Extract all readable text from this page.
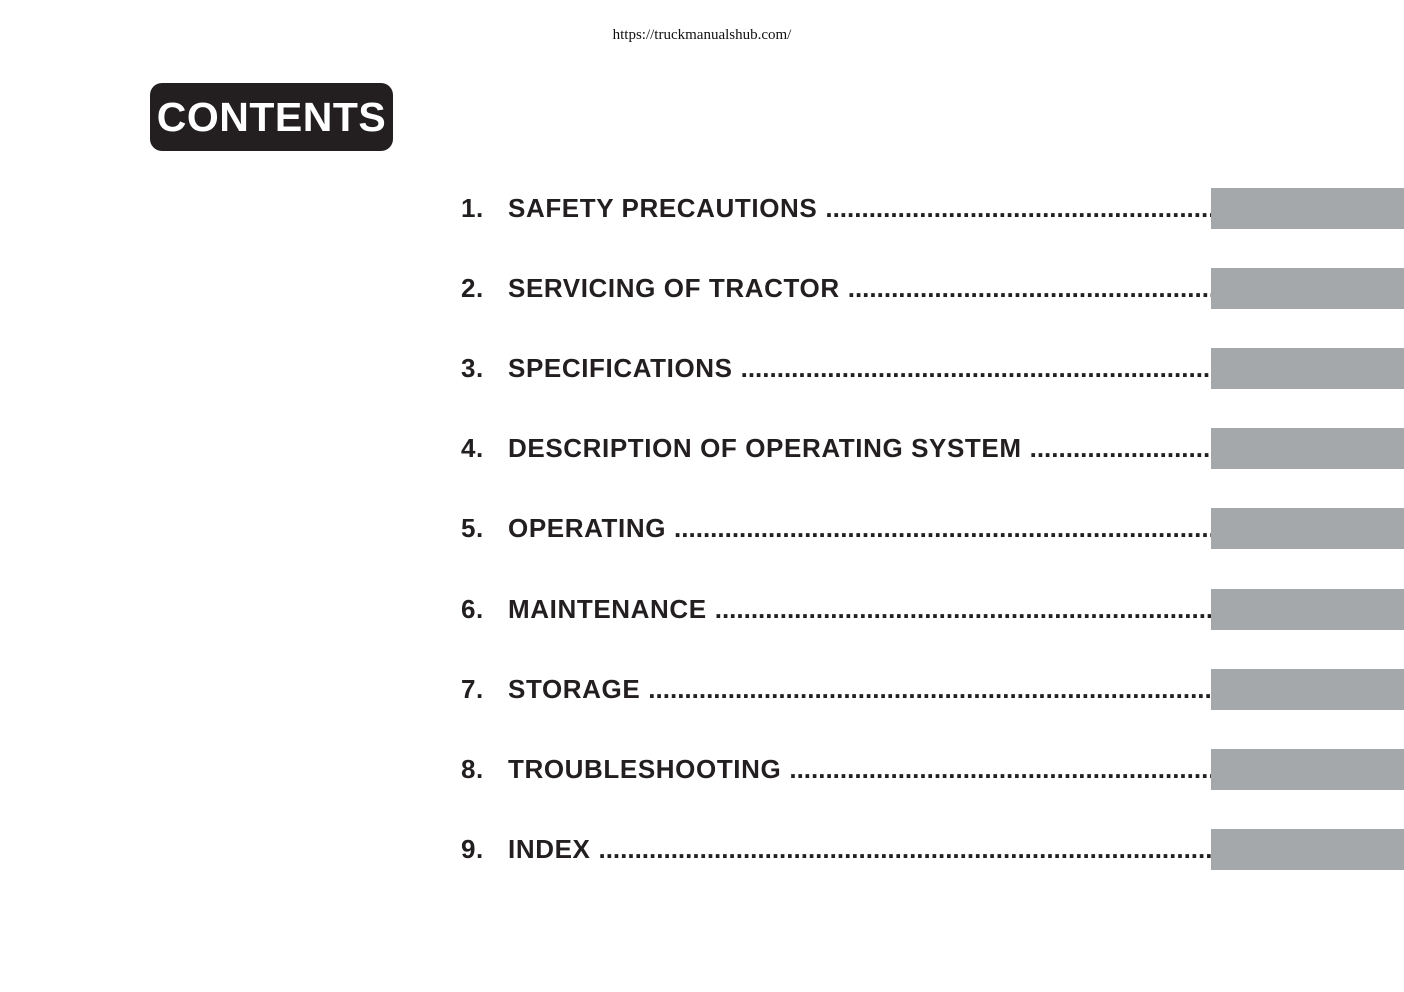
https://truckmanualshub.com/
CONTENTS
1. SAFETY PRECAUTIONS
.....
2. SERVICING OF TRACTOR
.....
3. SPECIFICATIONS
.....
4. DESCRIPTION OF OPERATING SYSTEM
.....
5. OPERATING
.....
6. MAINTENANCE
.....
7. STORAGE
.....
8. TROUBLESHOOTING
.....
9. INDEX
.....
